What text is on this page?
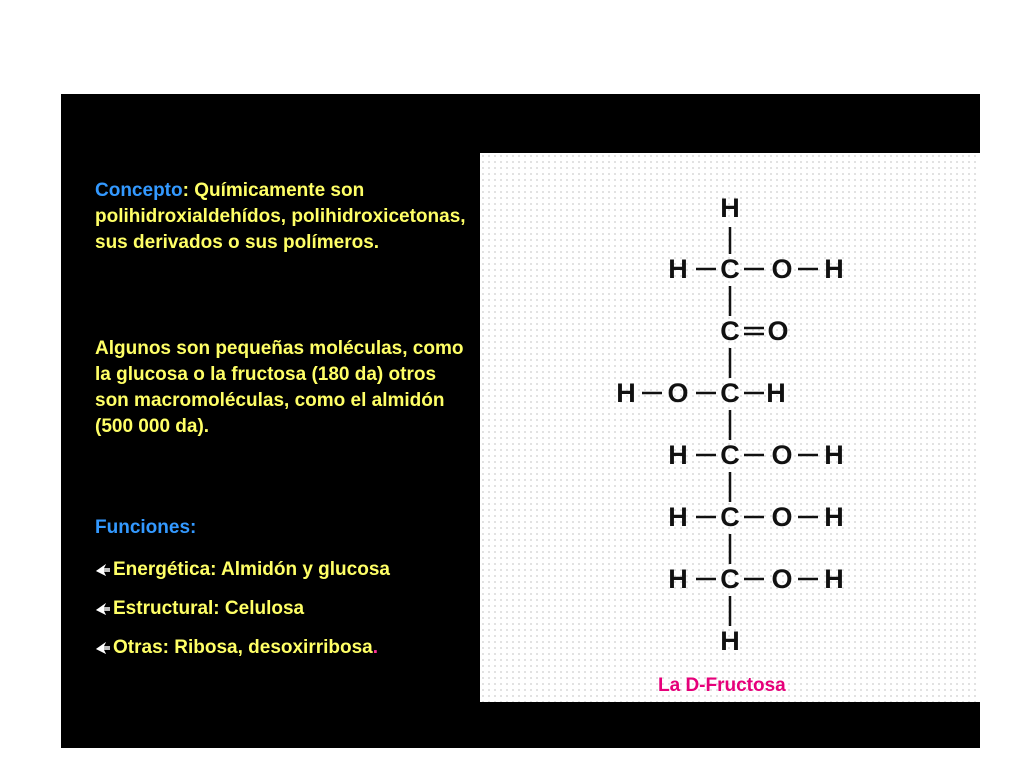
Concepto: Químicamente son polihidroxialdehídos, polihidroxicetonas, sus derivados o sus polímeros.
Algunos son pequeñas moléculas, como la glucosa o la fructosa (180 da) otros son macromoléculas, como el almidón (500 000 da).
Funciones:
Energética: Almidón y glucosa
Estructural: Celulosa
Otras: Ribosa, desoxirribosa .
H
C
H	O H
C O
C
O
H	H
C
H	O H
C
H	O H
C
H	O H
H
La D-Fructosa
